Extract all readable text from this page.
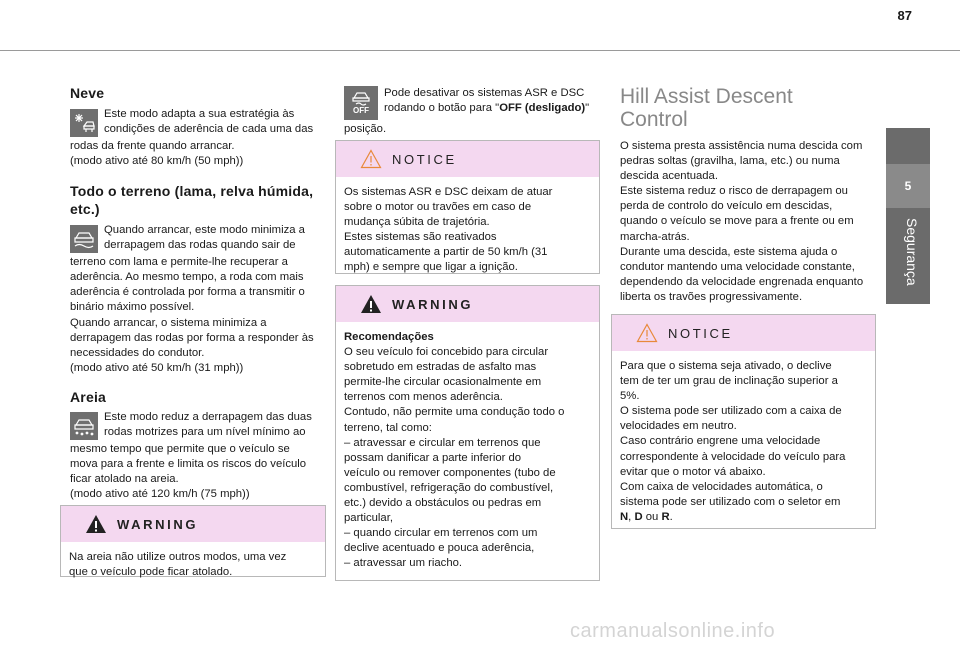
87
5
Segurança
Neve

Este modo adapta a sua estratégia às

condições de aderência de cada uma das

rodas da frente quando arrancar.

(modo ativo até 80 km/h (50 mph))

Todo o terreno (lama, relva húmida,
etc.)

Quando arrancar, este modo minimiza a

derrapagem das rodas quando sair de

terreno com lama e permite-lhe recuperar a

aderência. Ao mesmo tempo, a roda com mais

aderência é controlada por forma a transmitir o

binário máximo possível.

Quando arrancar, o sistema minimiza a

derrapagem das rodas por forma a responder às

necessidades do condutor.

(modo ativo até 50 km/h (31 mph))

Areia

Este modo reduz a derrapagem das duas

rodas motrizes para um nível mínimo ao

mesmo tempo que permite que o veículo se

mova para a frente e limita os riscos do veículo

ficar atolado na areia.

(modo ativo até 120 km/h (75 mph))

WARNING

Na areia não utilize outros modos, uma vez

que o veículo pode ficar atolado.

OFF

Pode desativar os sistemas ASR e DSC

rodando o botão para "OFF (desligado)"

posição.

NOTICE

Os sistemas ASR e DSC deixam de atuar

sobre o motor ou travões em caso de

mudança súbita de trajetória.

Estes sistemas são reativados

automaticamente a partir de 50 km/h (31

mph) e sempre que ligar a ignição.

WARNING

Recomendações

O seu veículo foi concebido para circular

sobretudo em estradas de asfalto mas

permite-lhe circular ocasionalmente em

terrenos com menos aderência.

Contudo, não permite uma condução todo o

terreno, tal como:

– atravessar e circular em terrenos que

possam danificar a parte inferior do

veículo ou remover componentes (tubo de

combustível, refrigeração do combustível,

etc.) devido a obstáculos ou pedras em

particular,

– quando circular em terrenos com um

declive acentuado e pouca aderência,

– atravessar um riacho.

Hill Assist Descent
Control

O sistema presta assistência numa descida com

pedras soltas (gravilha, lama, etc.) ou numa

descida acentuada.

Este sistema reduz o risco de derrapagem ou

perda de controlo do veículo em descidas,

quando o veículo se move para a frente ou em

marcha-atrás.

Durante uma descida, este sistema ajuda o

condutor mantendo uma velocidade constante,

dependendo da velocidade engrenada enquanto

liberta os travões progressivamente.

NOTICE

Para que o sistema seja ativado, o declive

tem de ter um grau de inclinação superior a

5%.

O sistema pode ser utilizado com a caixa de

velocidades em neutro.

Caso contrário engrene uma velocidade

correspondente à velocidade do veículo para

evitar que o motor vá abaixo.

Com caixa de velocidades automática, o

sistema pode ser utilizado com o seletor em

N, D ou R.

carmanualsonline.info
